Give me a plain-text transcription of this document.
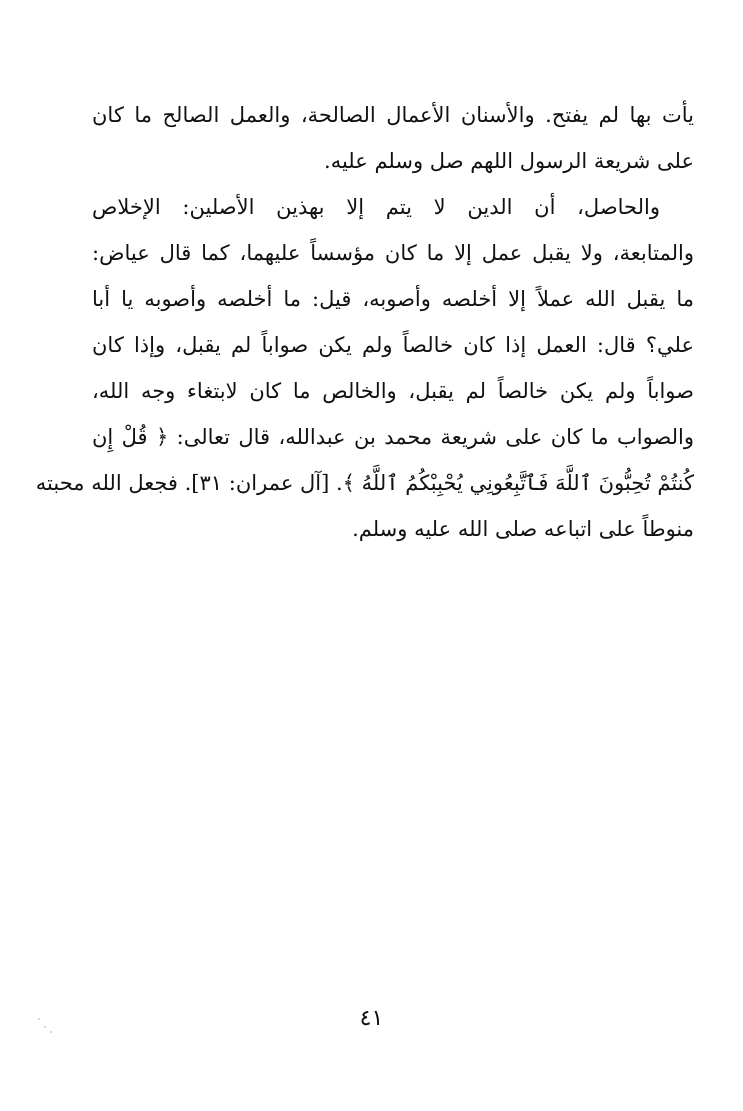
يأت بها لم يفتح. والأسنان الأعمال الصالحة، والعمل الصالح ما كان
على شريعة الرسول اللهم صل وسلم عليه.
والحاصل، أن الدين لا يتم إلا بهذين الأصلين: الإخلاص
والمتابعة، ولا يقبل عمل إلا ما كان مؤسساً عليهما، كما قال عياض:
ما يقبل الله عملاً إلا أخلصه وأصوبه، قيل: ما أخلصه وأصوبه يا أبا
علي؟ قال: العمل إذا كان خالصاً ولم يكن صواباً لم يقبل، وإذا كان
صواباً ولم يكن خالصاً لم يقبل، والخالص ما كان لابتغاء وجه الله،
والصواب ما كان على شريعة محمد بن عبدالله، قال تعالى: ﴿ قُلْ إِن
كُنتُمْ تُحِبُّونَ ٱللَّهَ فَٱتَّبِعُونِي يُحْبِبْكُمُ ٱللَّهُ ﴾. [آل عمران: ٣١]. فجعل الله محبته
منوطاً على اتباعه صلى الله عليه وسلم.
٤١
